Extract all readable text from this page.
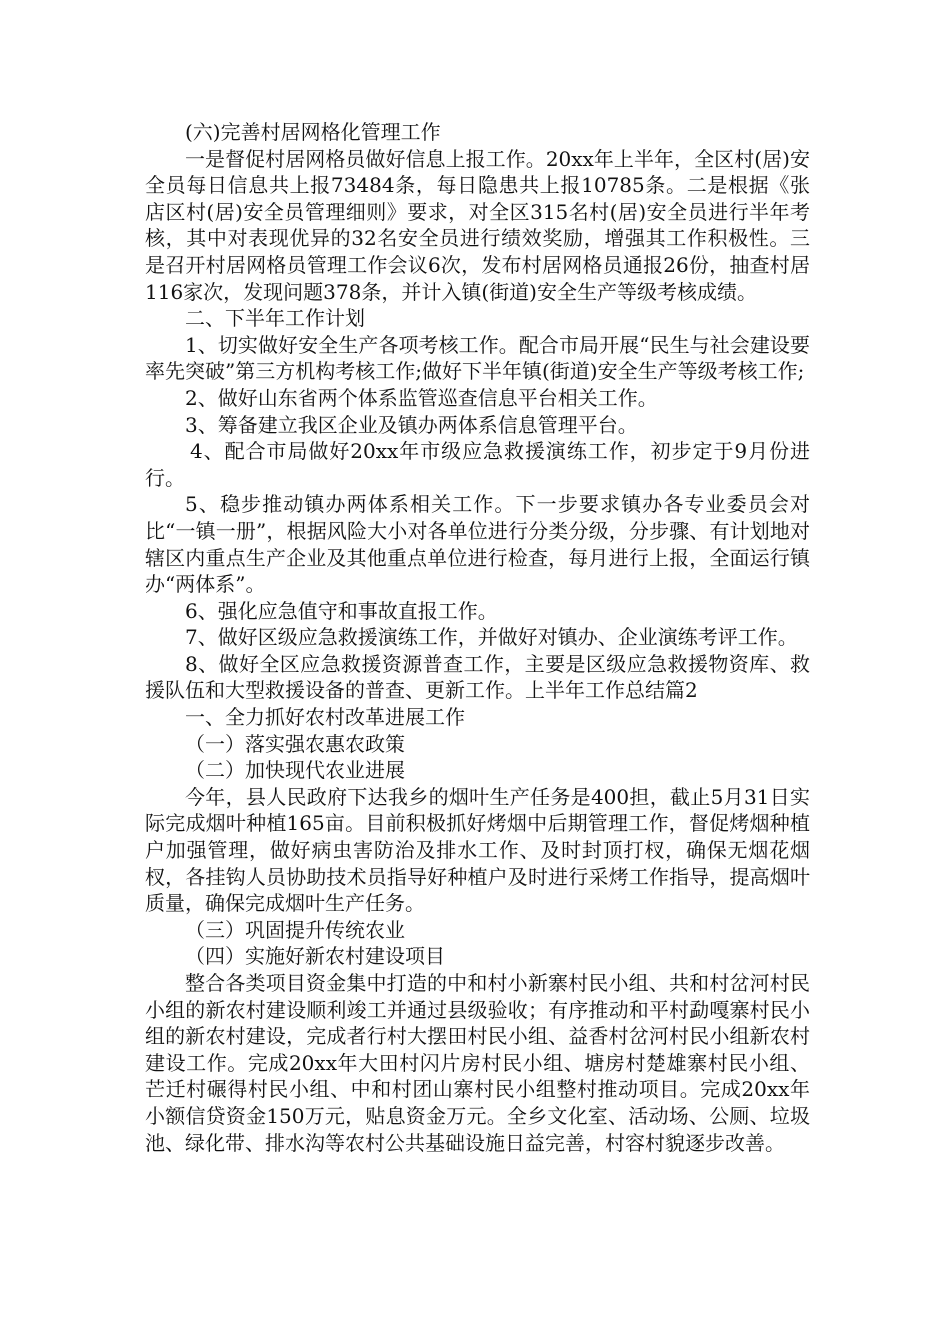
(六)完善村居网格化管理工作

一是督促村居网格员做好信息上报工作。20xx年上半年，全区村(居)安全员每日信息共上报73484条，每日隐患共上报10785条。二是根据《张店区村(居)安全员管理细则》要求，对全区315名村(居)安全员进行半年考核，其中对表现优异的32名安全员进行绩效奖励，增强其工作积极性。三是召开村居网格员管理工作会议6次，发布村居网格员通报26份，抽查村居116家次，发现问题378条，并计入镇(街道)安全生产等级考核成绩。

二、下半年工作计划

1、切实做好安全生产各项考核工作。配合市局开展“民生与社会建设要率先突破”第三方机构考核工作;做好下半年镇(街道)安全生产等级考核工作;

2、做好山东省两个体系监管巡查信息平台相关工作。

3、筹备建立我区企业及镇办两体系信息管理平台。

4、配合市局做好20xx年市级应急救援演练工作，初步定于9月份进行。

5、稳步推动镇办两体系相关工作。下一步要求镇办各专业委员会对比“一镇一册”，根据风险大小对各单位进行分类分级，分步骤、有计划地对辖区内重点生产企业及其他重点单位进行检查，每月进行上报，全面运行镇办“两体系”。

6、强化应急值守和事故直报工作。

7、做好区级应急救援演练工作，并做好对镇办、企业演练考评工作。

8、做好全区应急救援资源普查工作，主要是区级应急救援物资库、救援队伍和大型救援设备的普查、更新工作。上半年工作总结篇2

一、全力抓好农村改革进展工作

（一）落实强农惠农政策

（二）加快现代农业进展

今年，县人民政府下达我乡的烟叶生产任务是400担，截止5月31日实际完成烟叶种植165亩。目前积极抓好烤烟中后期管理工作，督促烤烟种植户加强管理，做好病虫害防治及排水工作、及时封顶打杈，确保无烟花烟杈，各挂钩人员协助技术员指导好种植户及时进行采烤工作指导，提高烟叶质量，确保完成烟叶生产任务。

（三）巩固提升传统农业

（四）实施好新农村建设项目

整合各类项目资金集中打造的中和村小新寨村民小组、共和村岔河村民小组的新农村建设顺利竣工并通过县级验收；有序推动和平村勐嘎寨村民小组的新农村建设，完成者行村大摆田村民小组、益香村岔河村民小组新农村建设工作。完成20xx年大田村闪片房村民小组、塘房村楚雄寨村民小组、芒迁村碾得村民小组、中和村团山寨村民小组整村推动项目。完成20xx年小额信贷资金150万元，贴息资金万元。全乡文化室、活动场、公厕、垃圾池、绿化带、排水沟等农村公共基础设施日益完善，村容村貌逐步改善。
